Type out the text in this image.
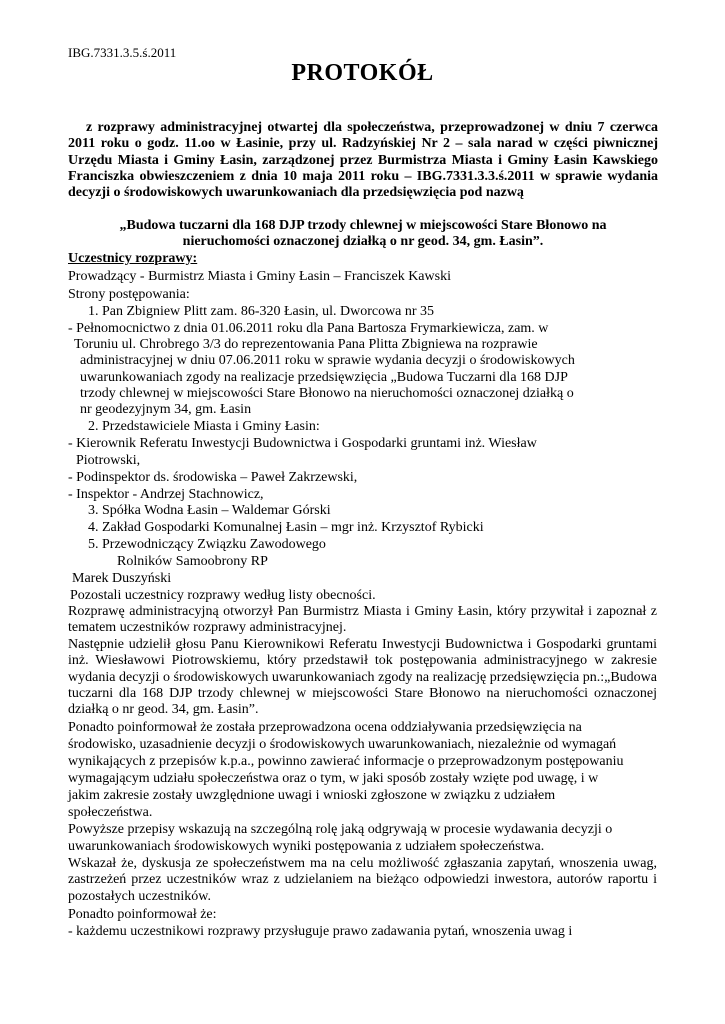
IBG.7331.3.5.ś.2011
PROTOKÓŁ
z rozprawy administracyjnej otwartej dla społeczeństwa, przeprowadzonej w dniu 7 czerwca 2011 roku o godz. 11.oo w Łasinie, przy ul. Radzyńskiej Nr 2 – sala narad w części piwnicznej Urzędu Miasta i Gminy Łasin, zarządzonej przez Burmistrza Miasta i Gminy Łasin Kawskiego Franciszka obwieszczeniem z dnia 10 maja 2011 roku – IBG.7331.3.3.ś.2011 w sprawie wydania decyzji o środowiskowych uwarunkowaniach dla przedsięwzięcia pod nazwą
„Budowa tuczarni dla 168 DJP trzody chlewnej w miejscowości Stare Błonowo na
nieruchomości oznaczonej działką o nr geod. 34, gm. Łasin”.
Uczestnicy rozprawy:
Prowadzący - Burmistrz Miasta i Gminy Łasin – Franciszek Kawski
Strony postępowania:
1. Pan Zbigniew Plitt zam. 86-320 Łasin, ul. Dworcowa nr 35
- Pełnomocnictwo z dnia 01.06.2011 roku dla Pana Bartosza Frymarkiewicza, zam. w
Toruniu ul. Chrobrego 3/3 do reprezentowania Pana Plitta Zbigniewa na rozprawie
administracyjnej w dniu 07.06.2011 roku w sprawie wydania decyzji o środowiskowych
uwarunkowaniach zgody na realizacje przedsięwzięcia „Budowa Tuczarni dla 168 DJP
trzody chlewnej w miejscowości Stare Błonowo na nieruchomości oznaczonej działką o
nr geodezyjnym 34, gm. Łasin
2. Przedstawiciele Miasta i Gminy Łasin:
- Kierownik Referatu Inwestycji Budownictwa i Gospodarki gruntami inż. Wiesław
Piotrowski,
- Podinspektor ds. środowiska – Paweł Zakrzewski,
- Inspektor - Andrzej Stachnowicz,
3. Spółka Wodna Łasin – Waldemar Górski
4. Zakład Gospodarki Komunalnej Łasin – mgr inż. Krzysztof Rybicki
5. Przewodniczący Związku Zawodowego
Rolników Samoobrony RP
Marek Duszyński
Pozostali uczestnicy rozprawy według listy obecności.
Rozprawę administracyjną otworzył Pan Burmistrz Miasta i Gminy Łasin, który przywitał i zapoznał z tematem uczestników rozprawy administracyjnej.
Następnie udzielił głosu Panu Kierownikowi Referatu Inwestycji Budownictwa i Gospodarki gruntami inż. Wiesławowi Piotrowskiemu, który przedstawił tok postępowania administracyjnego w zakresie wydania decyzji o środowiskowych uwarunkowaniach zgody na realizację przedsięwzięcia pn.:„Budowa tuczarni dla 168 DJP trzody chlewnej w miejscowości Stare Błonowo na nieruchomości oznaczonej działką o nr geod. 34, gm. Łasin”.
Ponadto poinformował że została przeprowadzona ocena oddziaływania przedsięwzięcia na
środowisko, uzasadnienie decyzji o środowiskowych uwarunkowaniach, niezależnie od wymagań
wynikających z przepisów k.p.a., powinno zawierać informacje o przeprowadzonym postępowaniu
wymagającym udziału społeczeństwa oraz o tym, w jaki sposób zostały wzięte pod uwagę, i w
jakim zakresie zostały uwzględnione uwagi i wnioski zgłoszone w związku z udziałem
społeczeństwa.
Powyższe przepisy wskazują na szczególną rolę jaką odgrywają w procesie wydawania decyzji o
uwarunkowaniach środowiskowych wyniki postępowania z udziałem społeczeństwa.
Wskazał że, dyskusja ze społeczeństwem ma na celu możliwość zgłaszania zapytań, wnoszenia uwag, zastrzeżeń przez uczestników wraz z udzielaniem na bieżąco odpowiedzi inwestora, autorów raportu i pozostałych uczestników.
Ponadto poinformował że:
- każdemu uczestnikowi rozprawy przysługuje prawo zadawania pytań, wnoszenia uwag i
